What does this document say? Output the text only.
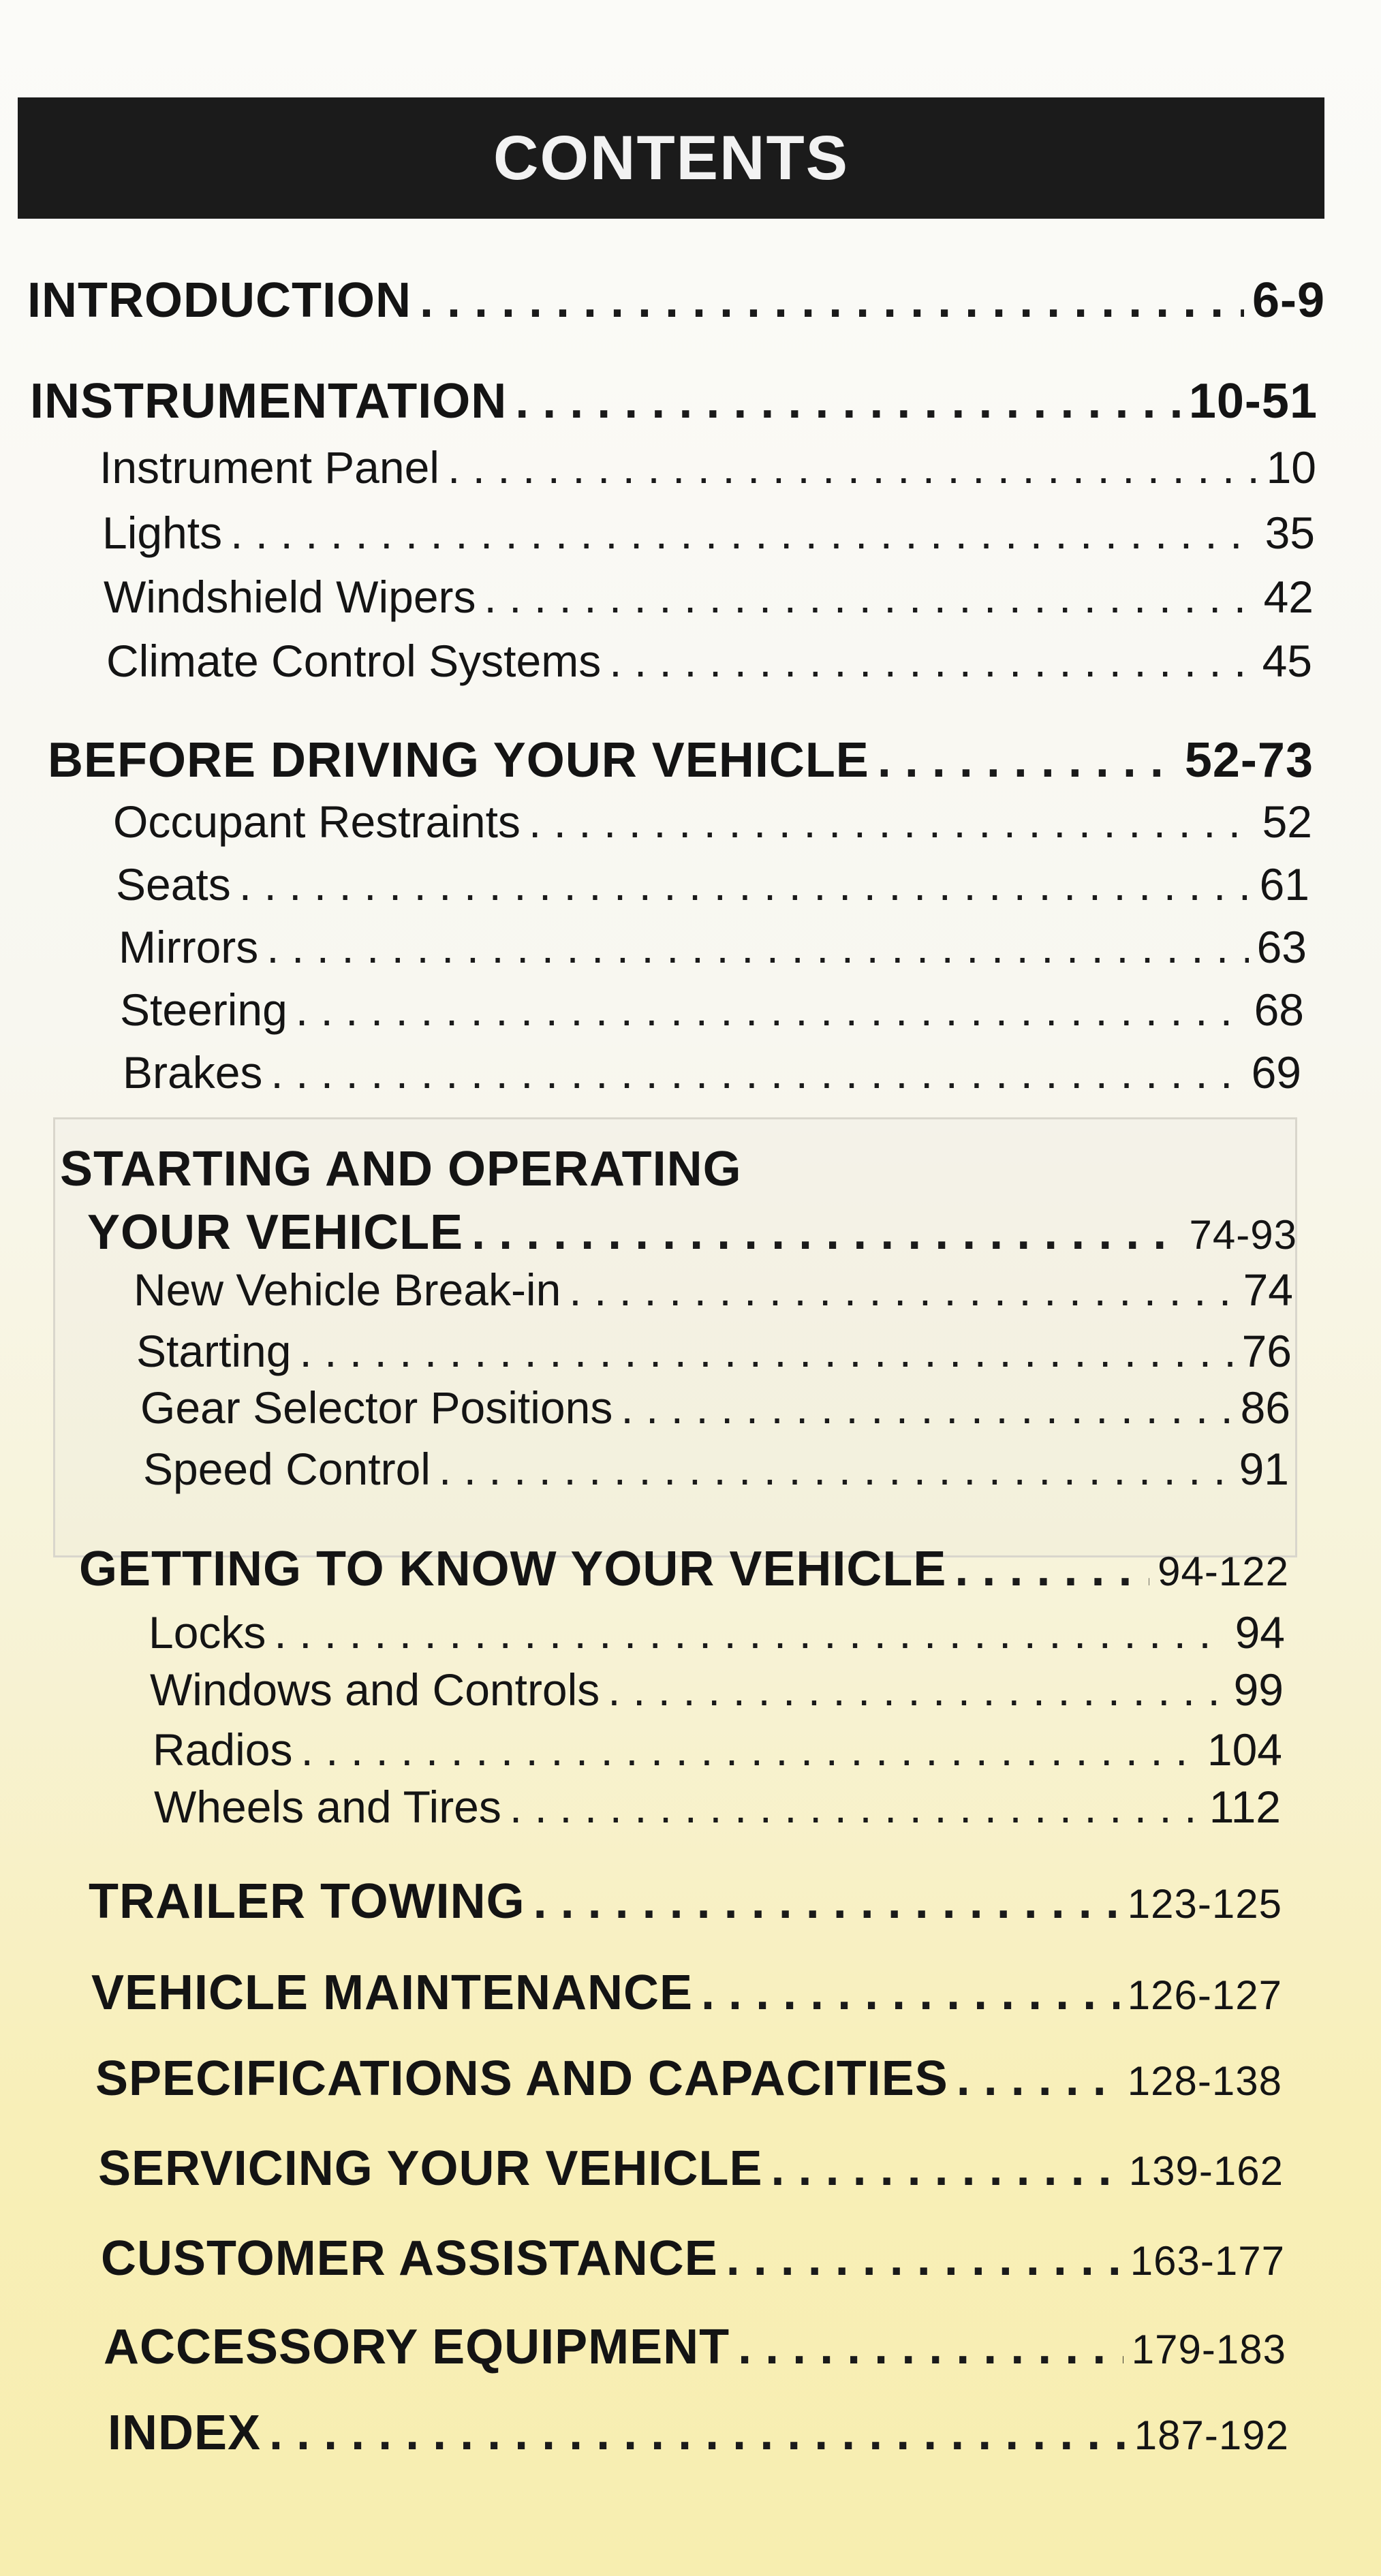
CONTENTS
INTRODUCTION . . .	6-9
INSTRUMENTATION . . .	10-51
Instrument Panel . . .	10
Lights . . .	35
Windshield Wipers . . .	42
Climate Control Systems . . .	45
BEFORE DRIVING YOUR VEHICLE . . .	52-73
Occupant Restraints . . .	52
Seats . . .	61
Mirrors . . .	63
Steering . . .	68
Brakes . . .	69
STARTING AND OPERATING
YOUR VEHICLE . . .	74-93
New Vehicle Break-in . . .	74
Starting . . .	76
Gear Selector Positions . . .	86
Speed Control . . .	91
GETTING TO KNOW YOUR VEHICLE . . .	94-122
Locks . . .	94
Windows and Controls . . .	99
Radios . . .	104
Wheels and Tires . . .	112
TRAILER TOWING . . .	123-125
VEHICLE MAINTENANCE . . .	126-127
SPECIFICATIONS AND CAPACITIES . . .	128-138
SERVICING YOUR VEHICLE . . .	139-162
CUSTOMER ASSISTANCE . . .	163-177
ACCESSORY EQUIPMENT . . .	179-183
INDEX . . .	187-192
